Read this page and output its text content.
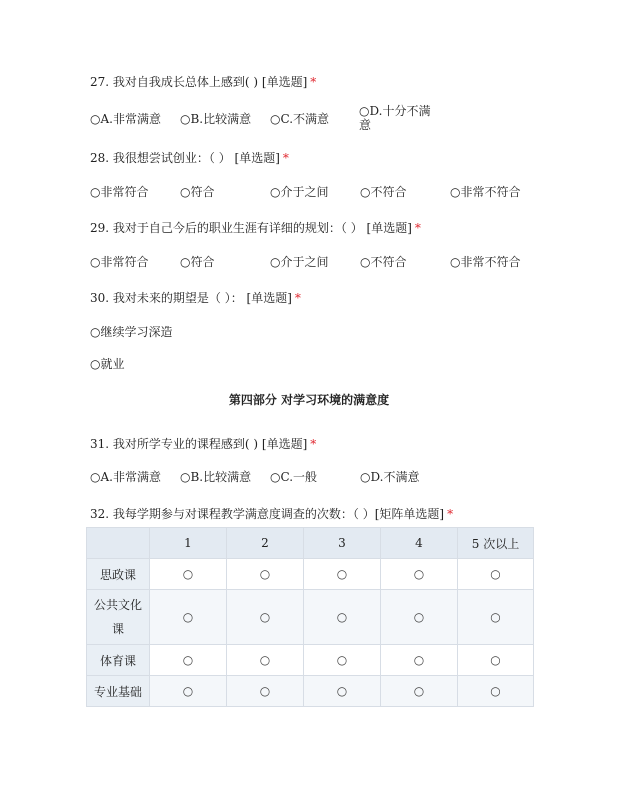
27. 我对自我成长总体上感到( ) [单选题] *
○A.非常满意 ○B.比较满意 ○C.不满意
○D.十分不满意
28. 我很想尝试创业：（ ） [单选题] *
○非常符合	○符合	○介于之间	○不符合	○非常不符合
29. 我对于自己今后的职业生涯有详细的规划：（ ） [单选题] *
○非常符合	○符合	○介于之间	○不符合	○非常不符合
30. 我对未来的期望是（ ）： [单选题] *
○继续学习深造
○就业
第四部分 对学习环境的满意度
31. 我对所学专业的课程感到( ) [单选题] *
○A.非常满意 ○B.比较满意 ○C.一般	○D.不满意
32. 我每学期参与对课程教学满意度调查的次数：（ ）[矩阵单选题] *
	1	2	3	4	5 次以上
思政课	○	○	○	○	○
公共文化课	○	○	○	○	○
体育课	○	○	○	○	○
专业基础	○	○	○	○	○
